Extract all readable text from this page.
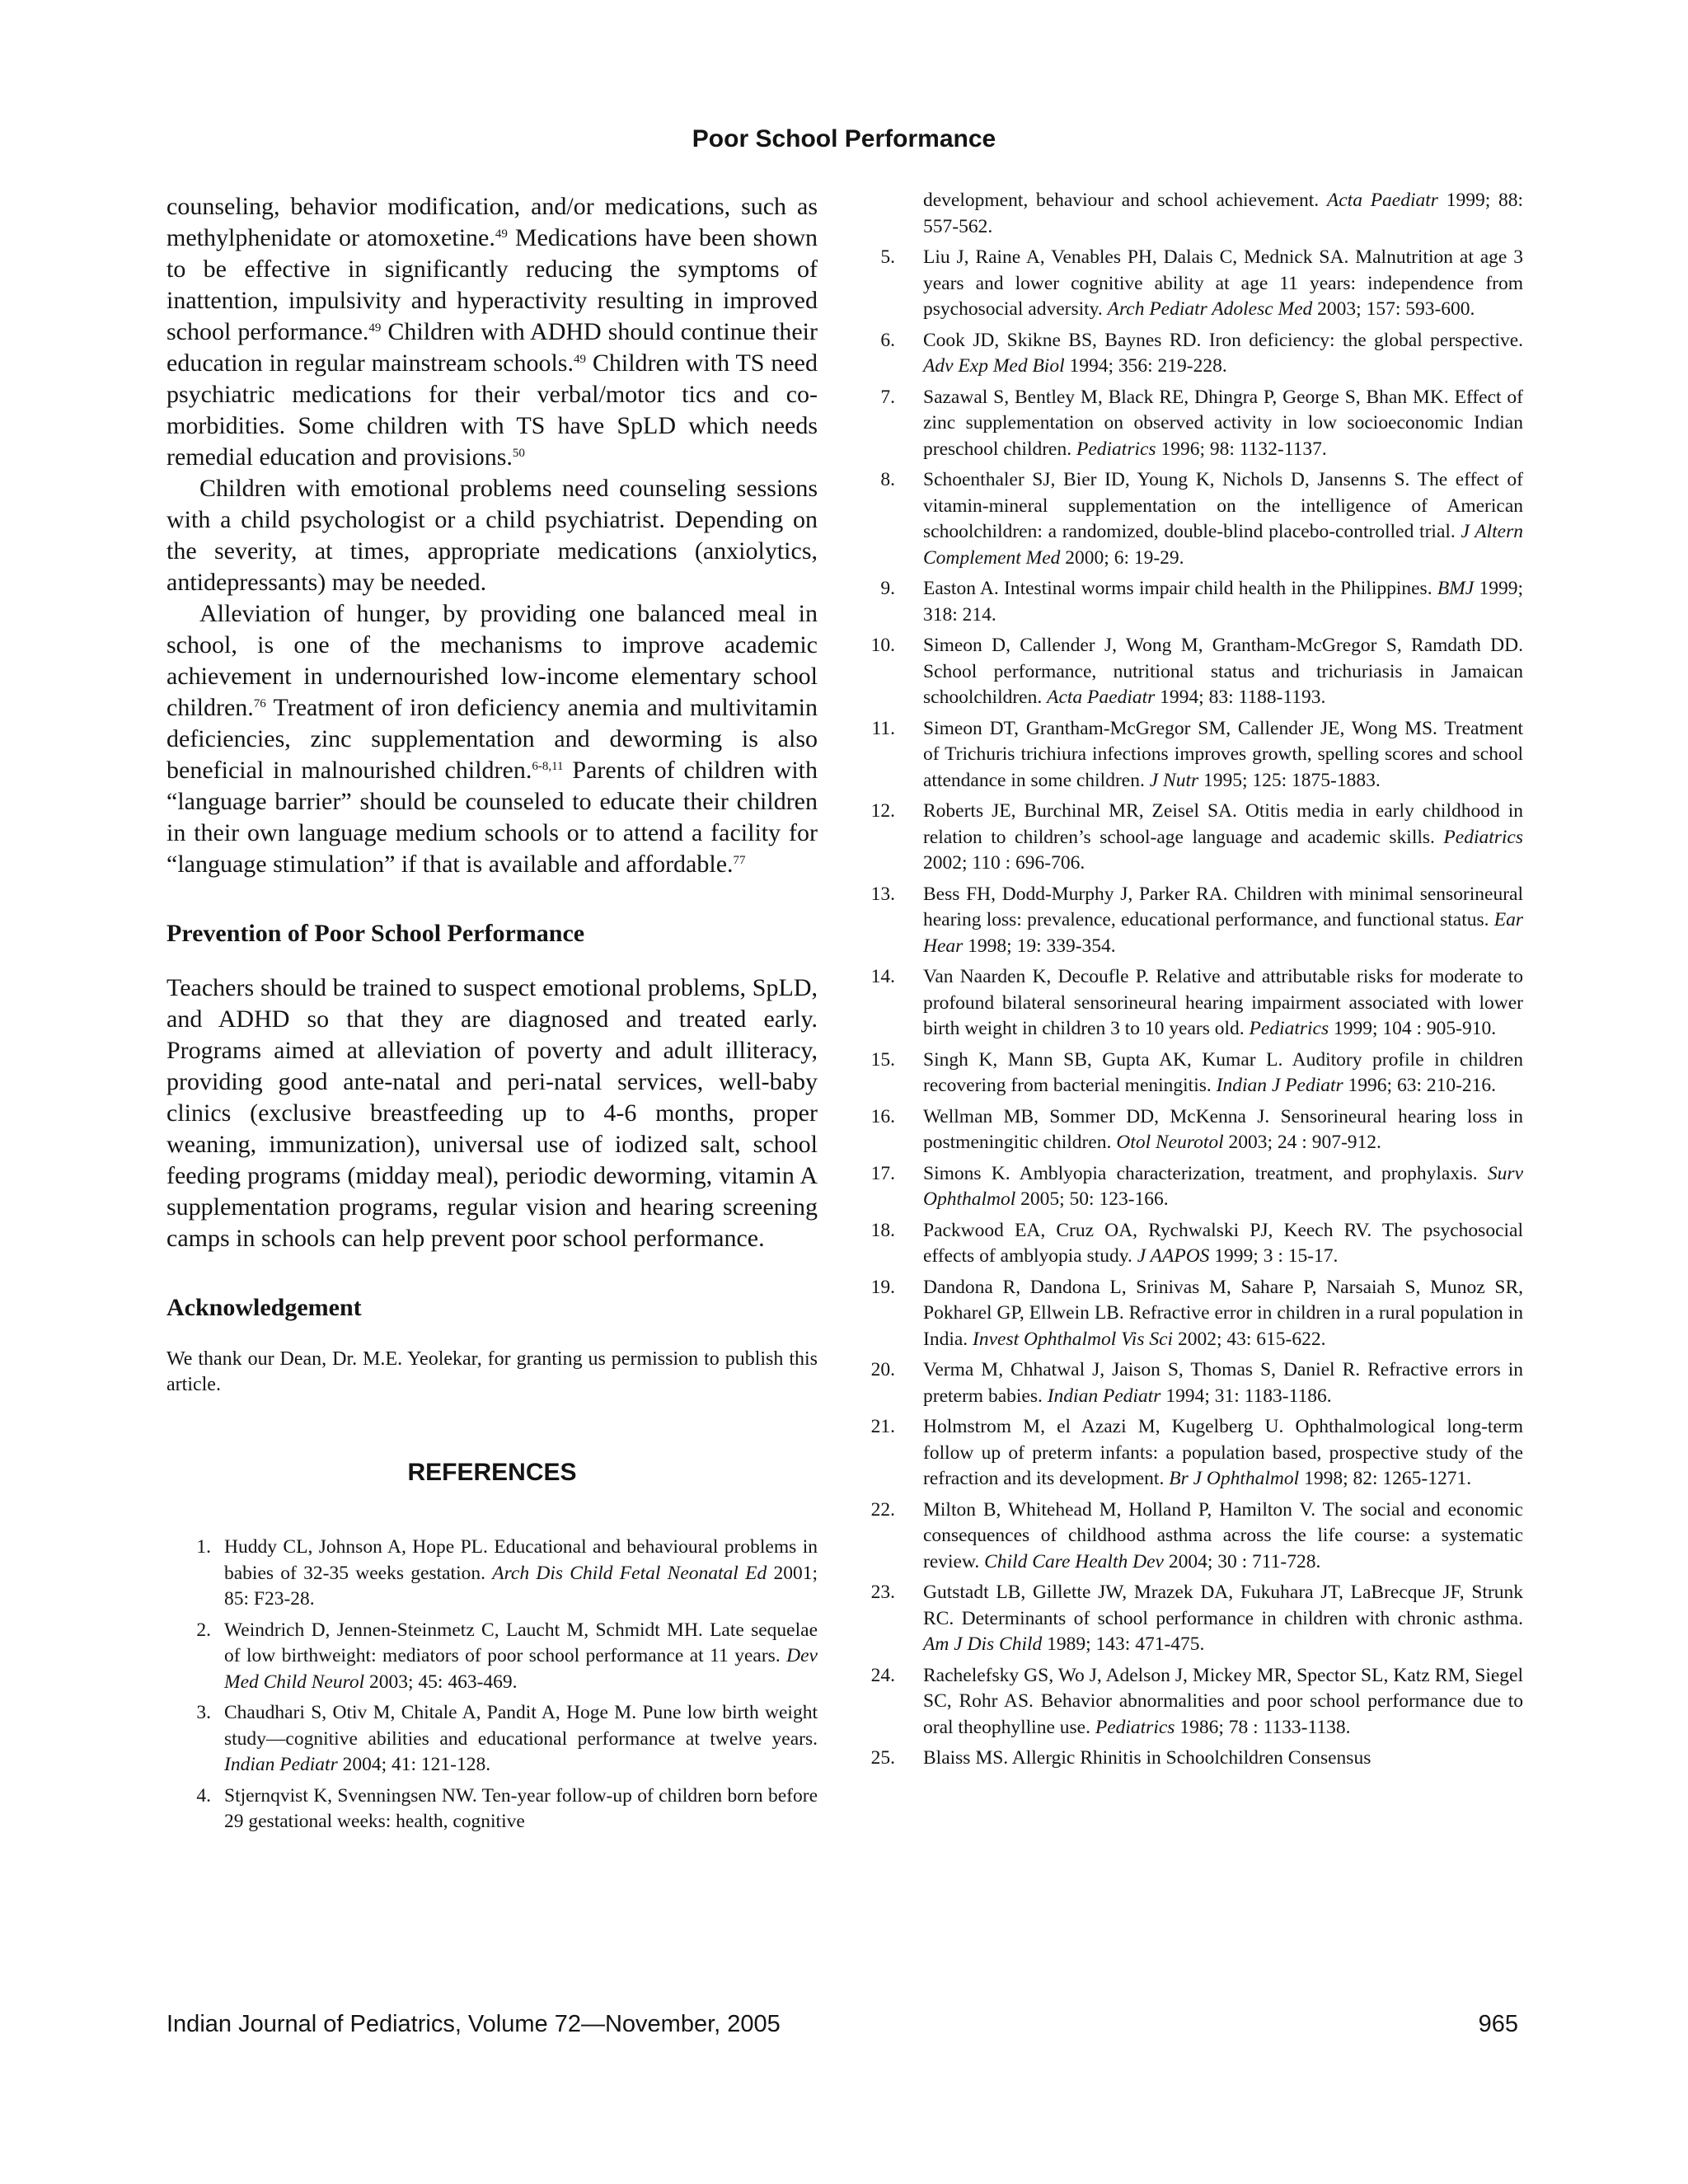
Poor School Performance

counseling, behavior modification, and/or medications, such as methylphenidate or atomoxetine.$^{49}$ Medications have been shown to be effective in significantly reducing the symptoms of inattention, impulsivity and hyperactivity resulting in improved school performance.$^{49}$ Children with ADHD should continue their education in regular mainstream schools.$^{49}$ Children with TS need psychiatric medications for their verbal/motor tics and co-morbidities. Some children with TS have SpLD which needs remedial education and provisions.$^{50}$

Children with emotional problems need counseling sessions with a child psychologist or a child psychiatrist. Depending on the severity, at times, appropriate medications (anxiolytics, antidepressants) may be needed.

Alleviation of hunger, by providing one balanced meal in school, is one of the mechanisms to improve academic achievement in undernourished low-income elementary school children.$^{76}$ Treatment of iron deficiency anemia and multivitamin deficiencies, zinc supplementation and deworming is also beneficial in malnourished children.$^{6-8,11}$ Parents of children with “language barrier” should be counseled to educate their children in their own language medium schools or to attend a facility for “language stimulation” if that is available and affordable.$^{77}$

Prevention of Poor School Performance

Teachers should be trained to suspect emotional problems, SpLD, and ADHD so that they are diagnosed and treated early. Programs aimed at alleviation of poverty and adult illiteracy, providing good ante-natal and peri-natal services, well-baby clinics (exclusive breastfeeding up to 4-6 months, proper weaning, immunization), universal use of iodized salt, school feeding programs (midday meal), periodic deworming, vitamin A supplementation programs, regular vision and hearing screening camps in schools can help prevent poor school performance.

Acknowledgement

We thank our Dean, Dr. M.E. Yeolekar, for granting us permission to publish this article.

REFERENCES
1. Huddy CL, Johnson A, Hope PL. Educational and behavioural problems in babies of 32-35 weeks gestation. Arch Dis Child Fetal Neonatal Ed 2001; 85: F23-28.
2. Weindrich D, Jennen-Steinmetz C, Laucht M, Schmidt MH. Late sequelae of low birthweight: mediators of poor school performance at 11 years. Dev Med Child Neurol 2003; 45: 463-469.
3. Chaudhari S, Otiv M, Chitale A, Pandit A, Hoge M. Pune low birth weight study—cognitive abilities and educational performance at twelve years. Indian Pediatr 2004; 41: 121-128.
4. Stjernqvist K, Svenningsen NW. Ten-year follow-up of children born before 29 gestational weeks: health, cognitive
development, behaviour and school achievement. Acta Paediatr 1999; 88: 557-562.
5. Liu J, Raine A, Venables PH, Dalais C, Mednick SA. Malnutrition at age 3 years and lower cognitive ability at age 11 years: independence from psychosocial adversity. Arch Pediatr Adolesc Med 2003; 157: 593-600.
6. Cook JD, Skikne BS, Baynes RD. Iron deficiency: the global perspective. Adv Exp Med Biol 1994; 356: 219-228.
7. Sazawal S, Bentley M, Black RE, Dhingra P, George S, Bhan MK. Effect of zinc supplementation on observed activity in low socioeconomic Indian preschool children. Pediatrics 1996; 98: 1132-1137.
8. Schoenthaler SJ, Bier ID, Young K, Nichols D, Jansenns S. The effect of vitamin-mineral supplementation on the intelligence of American schoolchildren: a randomized, double-blind placebo-controlled trial. J Altern Complement Med 2000; 6: 19-29.
9. Easton A. Intestinal worms impair child health in the Philippines. BMJ 1999; 318: 214.
10. Simeon D, Callender J, Wong M, Grantham-McGregor S, Ramdath DD. School performance, nutritional status and trichuriasis in Jamaican schoolchildren. Acta Paediatr 1994; 83: 1188-1193.
11. Simeon DT, Grantham-McGregor SM, Callender JE, Wong MS. Treatment of Trichuris trichiura infections improves growth, spelling scores and school attendance in some children. J Nutr 1995; 125: 1875-1883.
12. Roberts JE, Burchinal MR, Zeisel SA. Otitis media in early childhood in relation to children’s school-age language and academic skills. Pediatrics 2002; 110 : 696-706.
13. Bess FH, Dodd-Murphy J, Parker RA. Children with minimal sensorineural hearing loss: prevalence, educational performance, and functional status. Ear Hear 1998; 19: 339-354.
14. Van Naarden K, Decoufle P. Relative and attributable risks for moderate to profound bilateral sensorineural hearing impairment associated with lower birth weight in children 3 to 10 years old. Pediatrics 1999; 104 : 905-910.
15. Singh K, Mann SB, Gupta AK, Kumar L. Auditory profile in children recovering from bacterial meningitis. Indian J Pediatr 1996; 63: 210-216.
16. Wellman MB, Sommer DD, McKenna J. Sensorineural hearing loss in postmeningitic children. Otol Neurotol 2003; 24 : 907-912.
17. Simons K. Amblyopia characterization, treatment, and prophylaxis. Surv Ophthalmol 2005; 50: 123-166.
18. Packwood EA, Cruz OA, Rychwalski PJ, Keech RV. The psychosocial effects of amblyopia study. J AAPOS 1999; 3 : 15-17.
19. Dandona R, Dandona L, Srinivas M, Sahare P, Narsaiah S, Munoz SR, Pokharel GP, Ellwein LB. Refractive error in children in a rural population in India. Invest Ophthalmol Vis Sci 2002; 43: 615-622.
20. Verma M, Chhatwal J, Jaison S, Thomas S, Daniel R. Refractive errors in preterm babies. Indian Pediatr 1994; 31: 1183-1186.
21. Holmstrom M, el Azazi M, Kugelberg U. Ophthalmological long-term follow up of preterm infants: a population based, prospective study of the refraction and its development. Br J Ophthalmol 1998; 82: 1265-1271.
22. Milton B, Whitehead M, Holland P, Hamilton V. The social and economic consequences of childhood asthma across the life course: a systematic review. Child Care Health Dev 2004; 30 : 711-728.
23. Gutstadt LB, Gillette JW, Mrazek DA, Fukuhara JT, LaBrecque JF, Strunk RC. Determinants of school performance in children with chronic asthma. Am J Dis Child 1989; 143: 471-475.
24. Rachelefsky GS, Wo J, Adelson J, Mickey MR, Spector SL, Katz RM, Siegel SC, Rohr AS. Behavior abnormalities and poor school performance due to oral theophylline use. Pediatrics 1986; 78 : 1133-1138.
25. Blaiss MS. Allergic Rhinitis in Schoolchildren Consensus
Indian Journal of Pediatrics, Volume 72—November, 2005	965
